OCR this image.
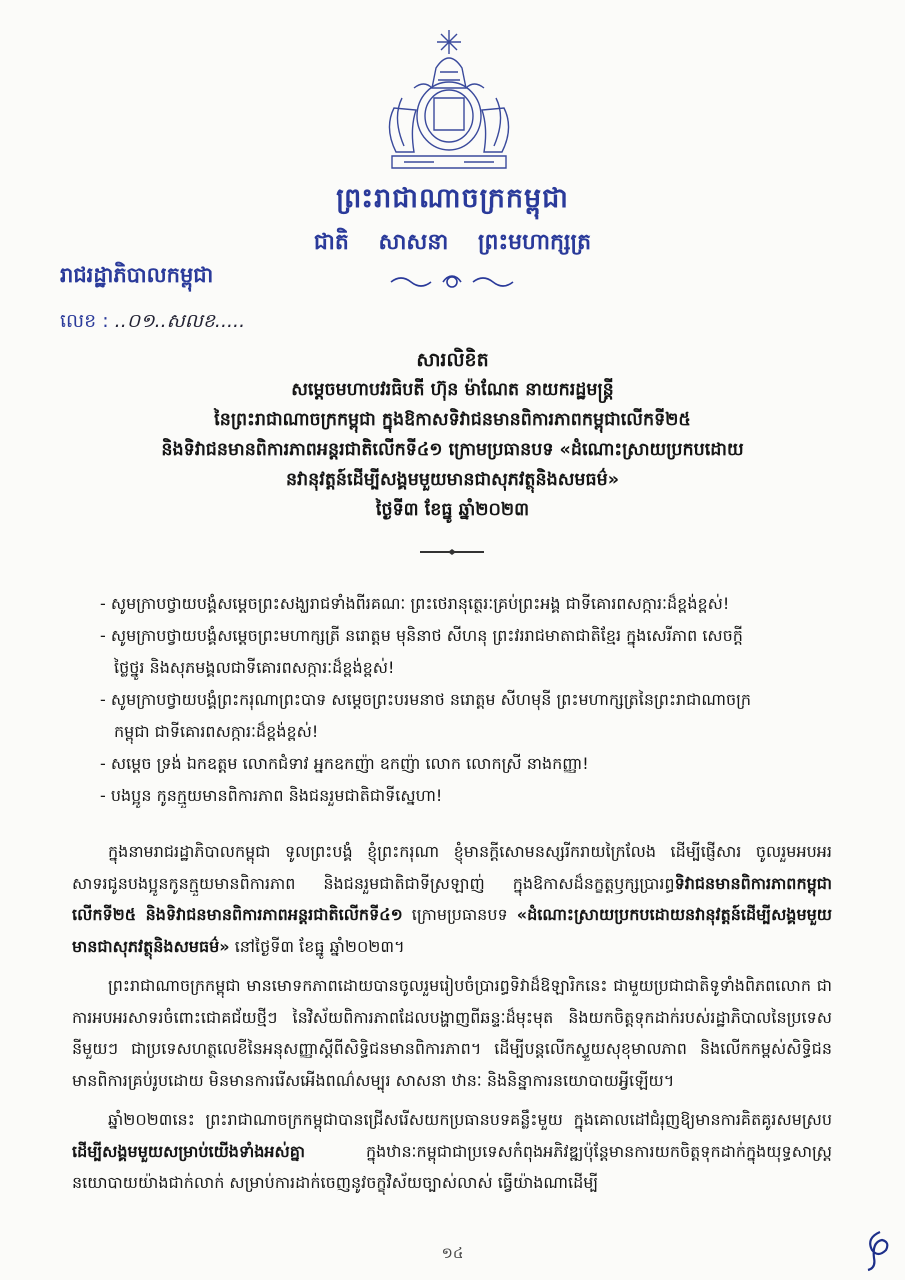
ព្រះរាជាណាចក្រកម្ពុជា
ជាតិ សាសនា ព្រះមហាក្សត្រ
រាជរដ្ឋាភិបាលកម្ពុជា
លេខ : ..០១..សលខ.....
សារលិខិត
សម្ដេចមហាបវរធិបតី ហ៊ុន ម៉ាណែត នាយករដ្ឋមន្ត្រី
នៃព្រះរាជាណាចក្រកម្ពុជា ក្នុងឱកាសទិវាជនមានពិការភាពកម្ពុជាលើកទី២៥
និងទិវាជនមានពិការភាពអន្តរជាតិលើកទី៤១ ក្រោមប្រធានបទ «ដំណោះស្រាយប្រកបដោយ
នវានុវត្តន៍ដើម្បីសង្គមមួយមានជាសុភវត្ថុនិងសមធម៌»
ថ្ងៃទី៣ ខែធ្នូ ឆ្នាំ២០២៣
- សូមក្រាបថ្វាយបង្គំសម្ដេចព្រះសង្ឃរាជទាំងពីរគណៈ ព្រះថេរានុត្ថេរៈគ្រប់ព្រះអង្គ ជាទីគោរពសក្ការៈដ៏ខ្ពង់ខ្ពស់!
- សូមក្រាបថ្វាយបង្គំសម្ដេចព្រះមហាក្សត្រី នរោត្តម មុនិនាថ សីហនុ ព្រះវររាជមាតាជាតិខ្មែរ ក្នុងសេរីភាព សេចក្ដី
ថ្លៃថ្នូរ និងសុភមង្គលជាទីគោរពសក្ការៈដ៏ខ្ពង់ខ្ពស់!
- សូមក្រាបថ្វាយបង្គំព្រះករុណាព្រះបាទ សម្ដេចព្រះបរមនាថ នរោត្តម សីហមុនី ព្រះមហាក្សត្រនៃព្រះរាជាណាចក្រ
កម្ពុជា ជាទីគោរពសក្ការៈដ៏ខ្ពង់ខ្ពស់!
- សម្ដេច ទ្រង់ ឯកឧត្តម លោកជំទាវ អ្នកឧកញ៉ា ឧកញ៉ា លោក លោកស្រី នាងកញ្ញា!
- បងប្អូន កូនក្មួយមានពិការភាព និងជនរួមជាតិជាទីស្នេហា!

ក្នុងនាមរាជរដ្ឋាភិបាលកម្ពុជា ទូលព្រះបង្គំ ខ្ញុំព្រះករុណា ខ្ញុំមានក្ដីសោមនស្សរីករាយក្រៃលែង ដើម្បីផ្ញើសារ ចូលរួមអបអរសាទរជូនបងប្អូនកូនក្មួយមានពិការភាព និងជនរួមជាតិជាទីស្រឡាញ់ ក្នុងឱកាសដ៏នក្ខត្តឫក្សប្រារព្ធទិវាជនមានពិការភាពកម្ពុជាលើកទី២៥ និងទិវាជនមានពិការភាពអន្តរជាតិលើកទី៤១ ក្រោមប្រធានបទ «ដំណោះស្រាយប្រកបដោយនវានុវត្តន៍ដើម្បីសង្គមមួយមានជាសុភវត្ថុនិងសមធម៌» នៅថ្ងៃទី៣ ខែធ្នូ ឆ្នាំ២០២៣។

ព្រះរាជាណាចក្រកម្ពុជា មានមោទកភាពដោយបានចូលរួមរៀបចំប្រារព្ធទិវាដ៏ឱឡារិកនេះ ជាមួយប្រជាជាតិទូទាំងពិភពលោក ជាការអបអរសាទរចំពោះជោគជ័យថ្មីៗ នៃវិស័យពិការភាពដែលបង្ហាញពីឆន្ទៈដ៏មុះមុត និងយកចិត្តទុកដាក់របស់រដ្ឋាភិបាលនៃប្រទេសនីមួយៗ ជាប្រទេសហត្ថលេខីនៃអនុសញ្ញាស្ដីពីសិទ្ធិជនមានពិការភាព។ ដើម្បីបន្តលើកស្ទួយសុខុមាលភាព និងលើកកម្ពស់សិទ្ធិជនមានពិការគ្រប់រូបដោយ មិនមានការរើសអើងពណ៌សម្បុរ សាសនា ឋានៈ និងនិន្នាការនយោបាយអ្វីឡើយ។

ឆ្នាំ២០២៣នេះ ព្រះរាជាណាចក្រកម្ពុជាបានជ្រើសរើសយកប្រធានបទគន្លឹះមួយ ក្នុងគោលដៅជំរុញឱ្យមានការគិតគូរសមស្រប ដើម្បីសង្គមមួយសម្រាប់យើងទាំងអស់គ្នា ក្នុងឋានៈកម្ពុជាជាប្រទេសកំពុងអភិវឌ្ឍប៉ុន្តែមានការយកចិត្តទុកដាក់ក្នុងយុទ្ធសាស្ត្រនយោបាយយ៉ាងជាក់លាក់ សម្រាប់ការដាក់ចេញនូវចក្ខុវិស័យច្បាស់លាស់ ធ្វើយ៉ាងណាដើម្បី

១៤
